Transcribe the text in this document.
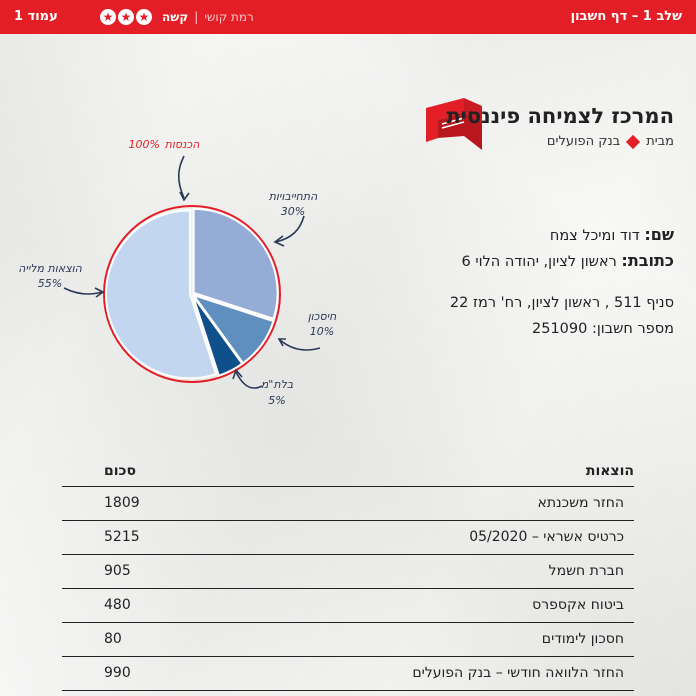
שלב 1 – דף חשבון
★ ★ ★ קשה | רמת קושי
עמוד 1
המרכז לצמיחה פיננסית
מבית
בנק הפועלים
שם: דוד ומיכל צמח
כתובת: ראשון לציון, יהודה הלוי 6
סניף 511 , ראשון לציון, רח' רמז 22
מספר חשבון: 251090
הכנסות
100%
התחייבויות
30%
חיסכון
10%
בלת"מ
5%
הוצאות מלייה
55%
הוצאות
סכום
החזר משכנתא
1809
כרטיס אשראי – 05/2020
5215
חברת חשמל
905
ביטוח אקספרס
480
חסכון לימודים
80
החזר הלוואה חודשי – בנק הפועלים
990
